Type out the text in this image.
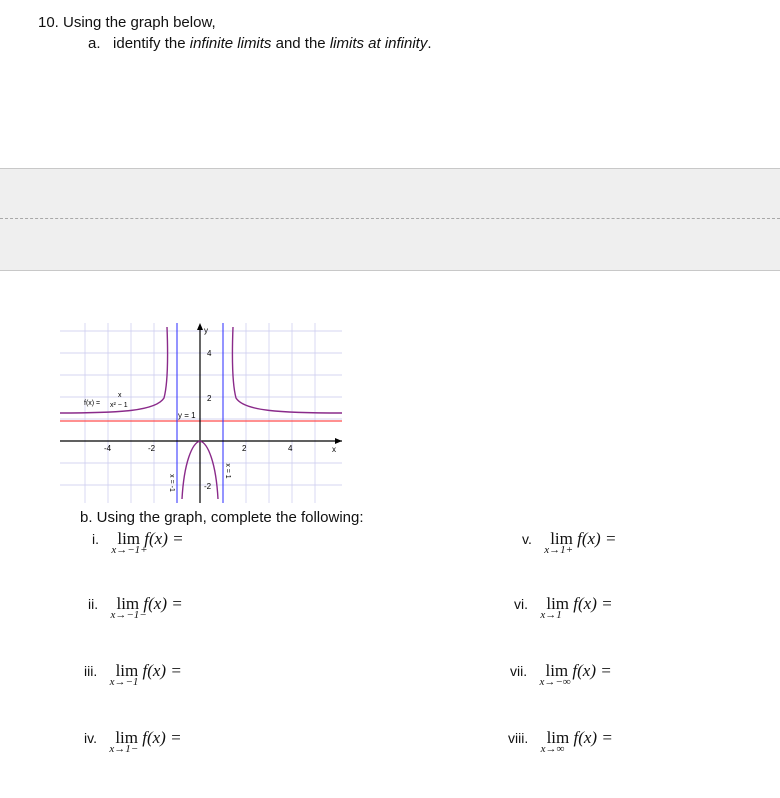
10. Using the graph below,
a. identify the infinite limits and the limits at infinity.
y
x
4
2
-2
-4	-2	2	4
f(x) =
x
x² − 1
y = 1
x = -1
x = 1
b. Using the graph, complete the following:
i. lim
x→−1+
f(x) =
ii. lim
x→−1−
f(x) =
iii. lim
x→−1
f(x) =
iv. lim
x→1−
f(x) =
v. lim
x→1+
f(x) =
vi. lim
x→1
f(x) =
vii. lim
x→−∞
f(x) =
viii. lim
x→∞
f(x) =
